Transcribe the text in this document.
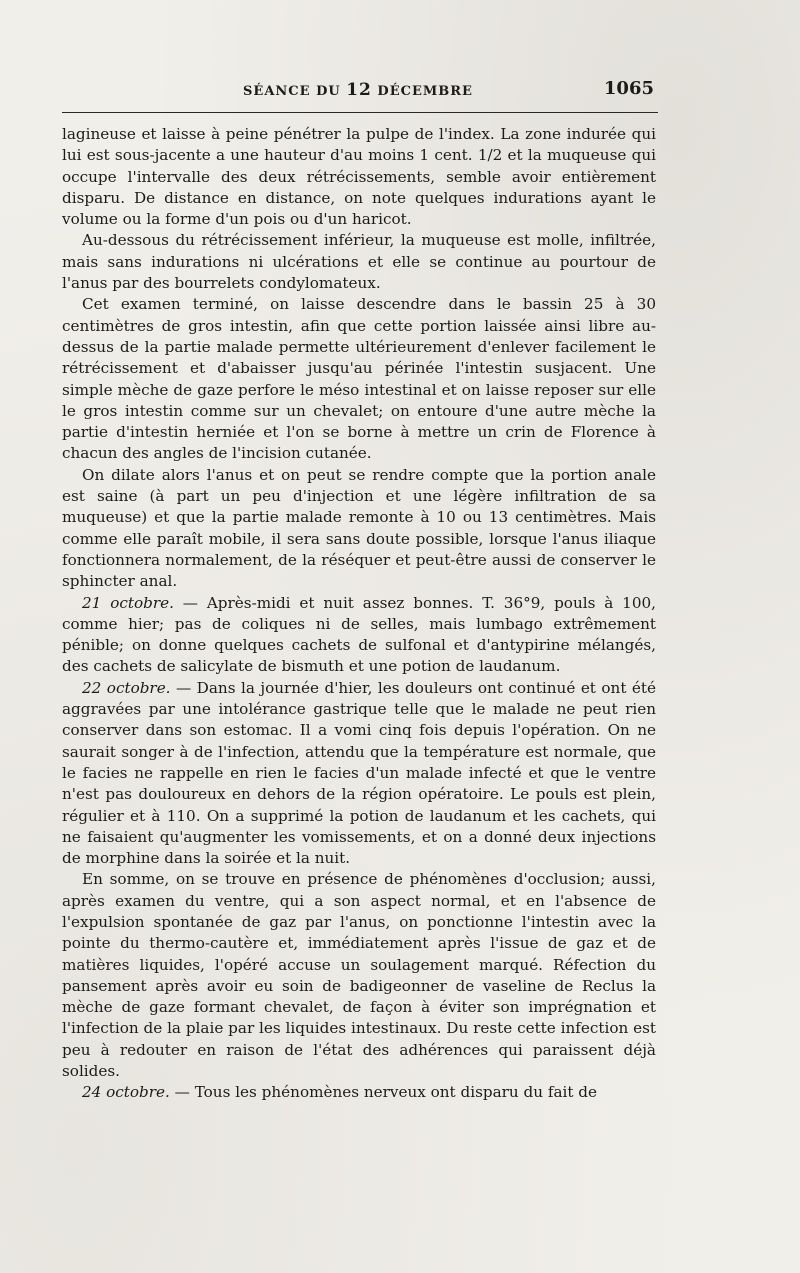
SÉANCE DU 12 DÉCEMBRE	1065

lagineuse et laisse à peine pénétrer la pulpe de l'index. La zone indurée qui lui est sous-jacente a une hauteur d'au moins 1 cent. 1/2 et la muqueuse qui occupe l'intervalle des deux rétrécissements, semble avoir entièrement disparu. De distance en distance, on note quelques indurations ayant le volume ou la forme d'un pois ou d'un haricot.

Au-dessous du rétrécissement inférieur, la muqueuse est molle, infiltrée, mais sans indurations ni ulcérations et elle se continue au pourtour de l'anus par des bourrelets condylomateux.

Cet examen terminé, on laisse descendre dans le bassin 25 à 30 centimètres de gros intestin, afin que cette portion laissée ainsi libre au-dessus de la partie malade permette ultérieurement d'enlever facilement le rétrécissement et d'abaisser jusqu'au périnée l'intestin susjacent. Une simple mèche de gaze perfore le méso intestinal et on laisse reposer sur elle le gros intestin comme sur un chevalet; on entoure d'une autre mèche la partie d'intestin herniée et l'on se borne à mettre un crin de Florence à chacun des angles de l'incision cutanée.

On dilate alors l'anus et on peut se rendre compte que la portion anale est saine (à part un peu d'injection et une légère infiltration de sa muqueuse) et que la partie malade remonte à 10 ou 13 centimètres. Mais comme elle paraît mobile, il sera sans doute possible, lorsque l'anus iliaque fonctionnera normalement, de la réséquer et peut-être aussi de conserver le sphincter anal.

21 octobre. — Après-midi et nuit assez bonnes. T. 36°9, pouls à 100, comme hier; pas de coliques ni de selles, mais lumbago extrêmement pénible; on donne quelques cachets de sulfonal et d'antypirine mélangés, des cachets de salicylate de bismuth et une potion de laudanum.

22 octobre. — Dans la journée d'hier, les douleurs ont continué et ont été aggravées par une intolérance gastrique telle que le malade ne peut rien conserver dans son estomac. Il a vomi cinq fois depuis l'opération. On ne saurait songer à de l'infection, attendu que la température est normale, que le facies ne rappelle en rien le facies d'un malade infecté et que le ventre n'est pas douloureux en dehors de la région opératoire. Le pouls est plein, régulier et à 110. On a supprimé la potion de laudanum et les cachets, qui ne faisaient qu'augmenter les vomissements, et on a donné deux injections de morphine dans la soirée et la nuit.

En somme, on se trouve en présence de phénomènes d'occlusion; aussi, après examen du ventre, qui a son aspect normal, et en l'absence de l'expulsion spontanée de gaz par l'anus, on ponctionne l'intestin avec la pointe du thermo-cautère et, immédiatement après l'issue de gaz et de matières liquides, l'opéré accuse un soulagement marqué. Réfection du pansement après avoir eu soin de badigeonner de vaseline de Reclus la mèche de gaze formant chevalet, de façon à éviter son imprégnation et l'infection de la plaie par les liquides intestinaux. Du reste cette infection est peu à redouter en raison de l'état des adhérences qui paraissent déjà solides.

24 octobre. — Tous les phénomènes nerveux ont disparu du fait de
